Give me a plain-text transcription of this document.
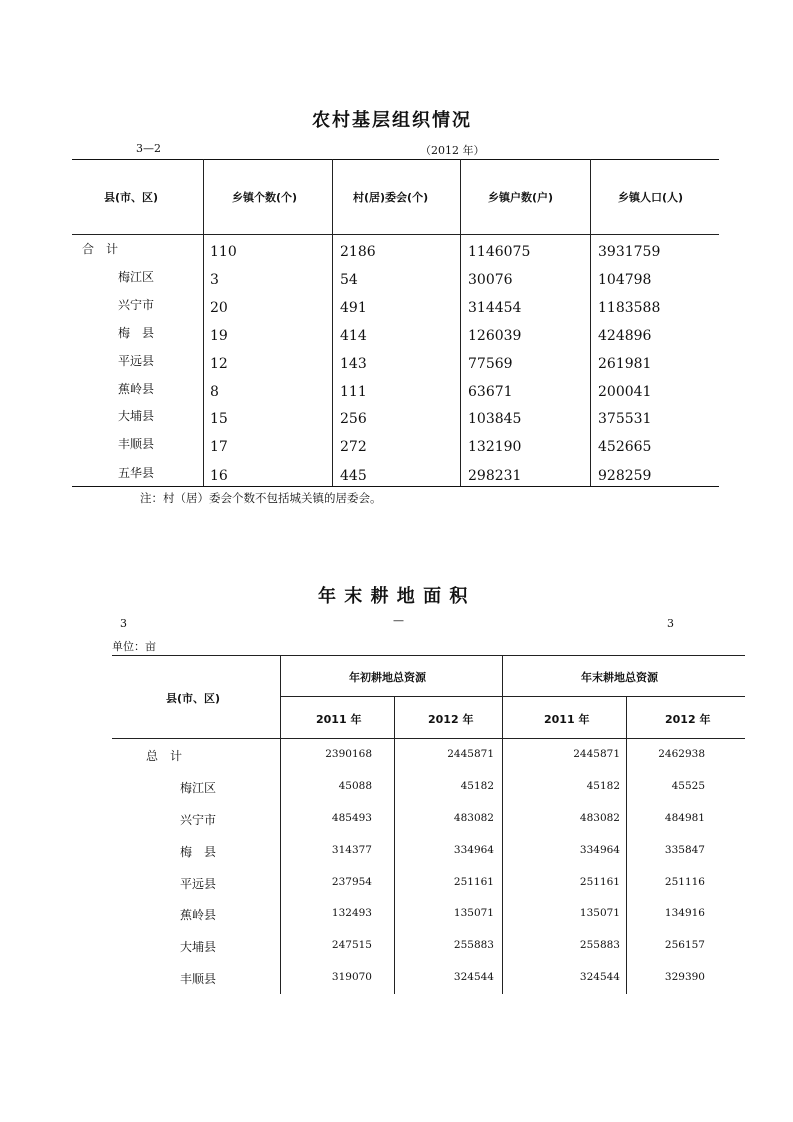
农村基层组织情况
3—2	（2012 年）
县(市、区)	乡镇个数(个)	村(居)委会(个)	乡镇户数(户)	乡镇人口(人)
合　计	110	2186	1146075	3931759
梅江区	3	54	30076	104798
兴宁市	20	491	314454	1183588
梅　县	19	414	126039	424896
平远县	12	143	77569	261981
蕉岭县	8	111	63671	200041
大埔县	15	256	103845	375531
丰顺县	17	272	132190	452665
五华县	16	445	298231	928259
注：村（居）委会个数不包括城关镇的居委会。
年 末 耕 地 面 积
3	—	3
单位：亩
县(市、区)
年初耕地总资源	年末耕地总资源
2011 年	2012 年	2011 年	2012 年
总　计	2390168	2445871	2445871	2462938
梅江区	45088	45182	45182	45525
兴宁市	485493	483082	483082	484981
梅　县	314377	334964	334964	335847
平远县	237954	251161	251161	251116
蕉岭县	132493	135071	135071	134916
大埔县	247515	255883	255883	256157
丰顺县	319070	324544	324544	329390
